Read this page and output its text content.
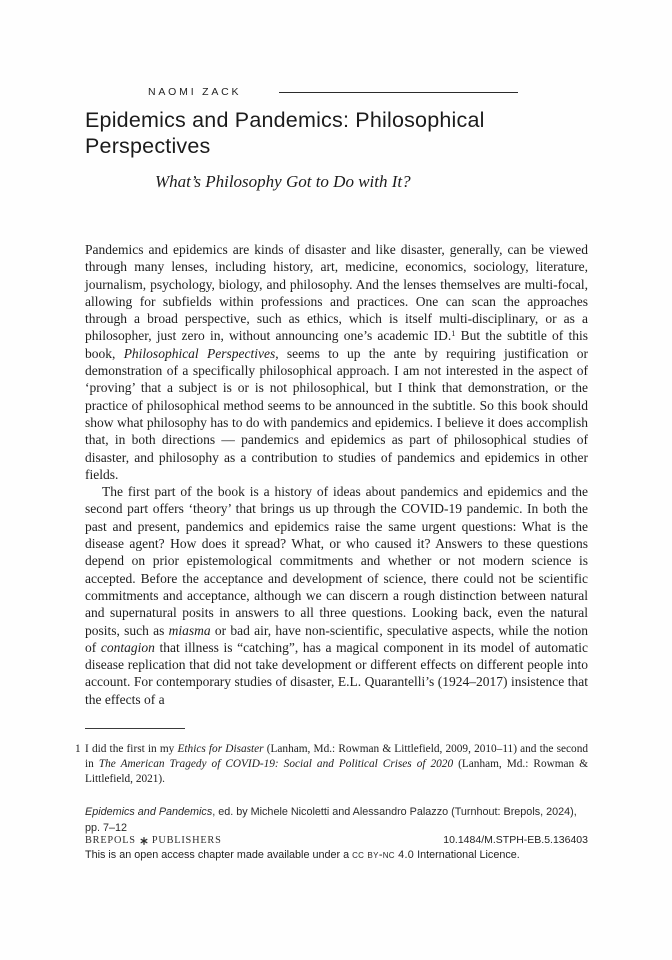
NAOMI ZACK
Epidemics and Pandemics: Philosophical Perspectives
What’s Philosophy Got to Do with It?

Pandemics and epidemics are kinds of disaster and like disaster, generally, can be viewed through many lenses, including history, art, medicine, economics, sociology, literature, journalism, psychology, biology, and philosophy. And the lenses themselves are multi-focal, allowing for subfields within professions and practices. One can scan the approaches through a broad perspective, such as ethics, which is itself multi-disciplinary, or as a philosopher, just zero in, without announcing one’s academic ID.$^1$ But the subtitle of this book, Philosophical Perspectives, seems to up the ante by requiring justification or demonstration of a specifically philosophical approach. I am not interested in the aspect of ‘proving’ that a subject is or is not philosophical, but I think that demonstration, or the practice of philosophical method seems to be announced in the subtitle. So this book should show what philosophy has to do with pandemics and epidemics. I believe it does accomplish that, in both directions — pandemics and epidemics as part of philosophical studies of disaster, and philosophy as a contribution to studies of pandemics and epidemics in other fields.

The first part of the book is a history of ideas about pandemics and epidemics and the second part offers ‘theory’ that brings us up through the COVID-19 pandemic. In both the past and present, pandemics and epidemics raise the same urgent questions: What is the disease agent? How does it spread? What, or who caused it? Answers to these questions depend on prior epistemological commitments and whether or not modern science is accepted. Before the acceptance and development of science, there could not be scientific commitments and acceptance, although we can discern a rough distinction between natural and supernatural posits in answers to all three questions. Looking back, even the natural posits, such as miasma or bad air, have non-scientific, speculative aspects, while the notion of contagion that illness is “catching”, has a magical component in its model of automatic disease replication that did not take development or different effects on different people into account. For contemporary studies of disaster, E.L. Quarantelli’s (1924–2017) insistence that the effects of a

1 I did the first in my Ethics for Disaster (Lanham, Md.: Rowman & Littlefield, 2009, 2010–11) and the second in The American Tragedy of COVID-19: Social and Political Crises of 2020 (Lanham, Md.: Rowman & Littlefield, 2021).
Epidemics and Pandemics, ed. by Michele Nicoletti and Alessandro Palazzo (Turnhout: Brepols, 2024), pp. 7–12
BREPOLS PUBLISHERS	10.1484/M.STPH-EB.5.136403
This is an open access chapter made available under a cc by-nc 4.0 International Licence.
